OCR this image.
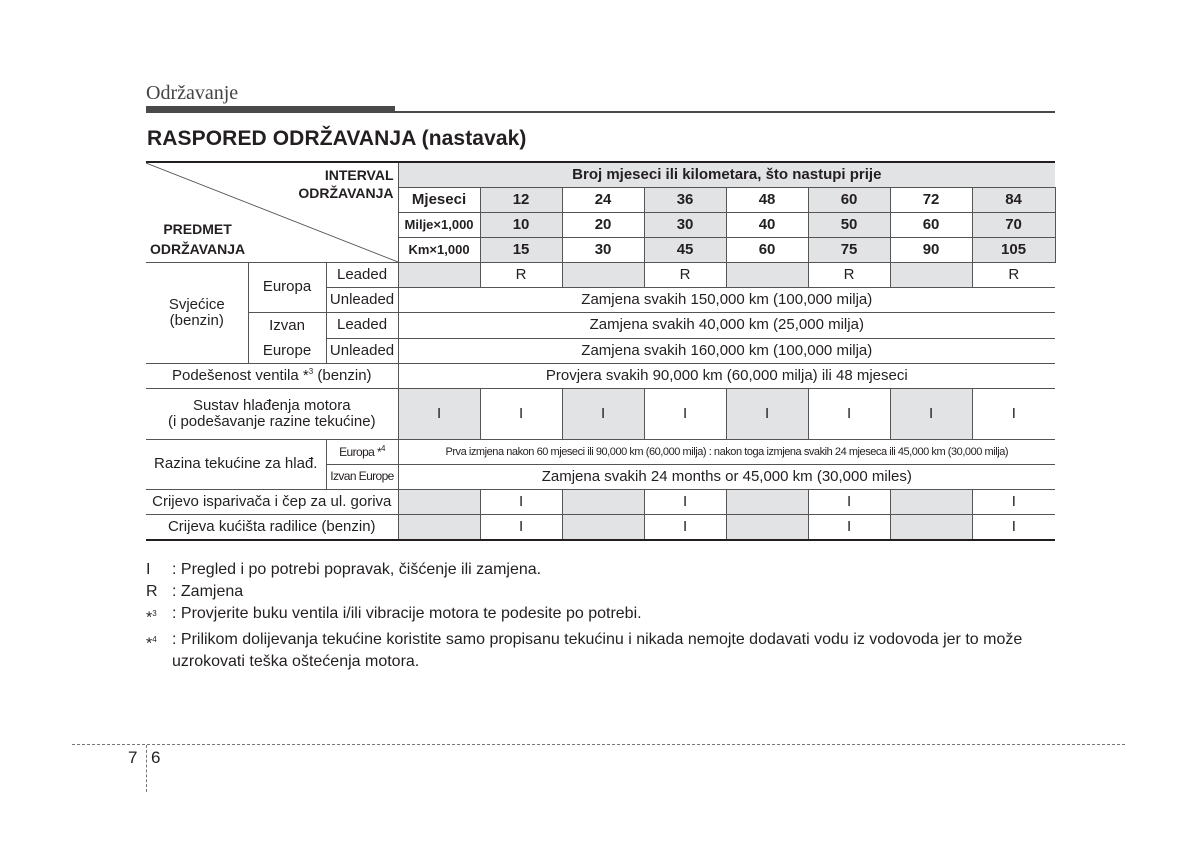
Održavanje
RASPORED ODRŽAVANJA (nastavak)
INTERVAL
ODRŽAVANJA
PREDMET
ODRŽAVANJA			Broj mjeseci ili kilometara, što nastupi prije								
			Mjeseci	12	24	36	48	60	72	84	
			Milje×1,000	10	20	30	40	50	60	70	
			Km×1,000	15	30	45	60	75	90	105	

Svjećice
(benzin)	Europa	Leaded		R		R		R		R	
		Unleaded	Zamjena svakih 150,000 km (100,000 milja)								

	Izvan
Europe	Leaded	Zamjena svakih 40,000 km (25,000 milja)								
		Unleaded	Zamjena svakih 160,000 km (100,000 milja)								
Podešenost ventila *$^3$ (benzin)			Provjera svakih 90,000 km (60,000 milja) ili 48 mjeseci								

Sustav hlađenja motora
(i podešavanje razine tekućine)			I	I	I	I	I	I	I	I	
Razina tekućine za hlađ.		Europa *$^4$	Prva izmjena nakon 60 mjeseci ili 90,000 km (60,000 milja) : nakon toga izmjena svakih 24 mjeseca ili 45,000 km (30,000 milja)								
		Izvan Europe	Zamjena svakih 24 months or 45,000 km (30,000 miles)								
Crijevo isparivača i čep za ul. goriva				I		I		I		I	
Crijeva kućišta radilice (benzin)				I		I		I		I	
I	: Pregled i po potrebi popravak, čišćenje ili zamjena.
R : Zamjena
*$^3$ : Provjerite buku ventila i/ili vibracije motora te podesite po potrebi.
*$^4$ : Prilikom dolijevanja tekućine koristite samo propisanu tekućinu i nikada nemojte dodavati vodu iz vodovoda jer to može uzrokovati teška oštećenja motora.
7 6
